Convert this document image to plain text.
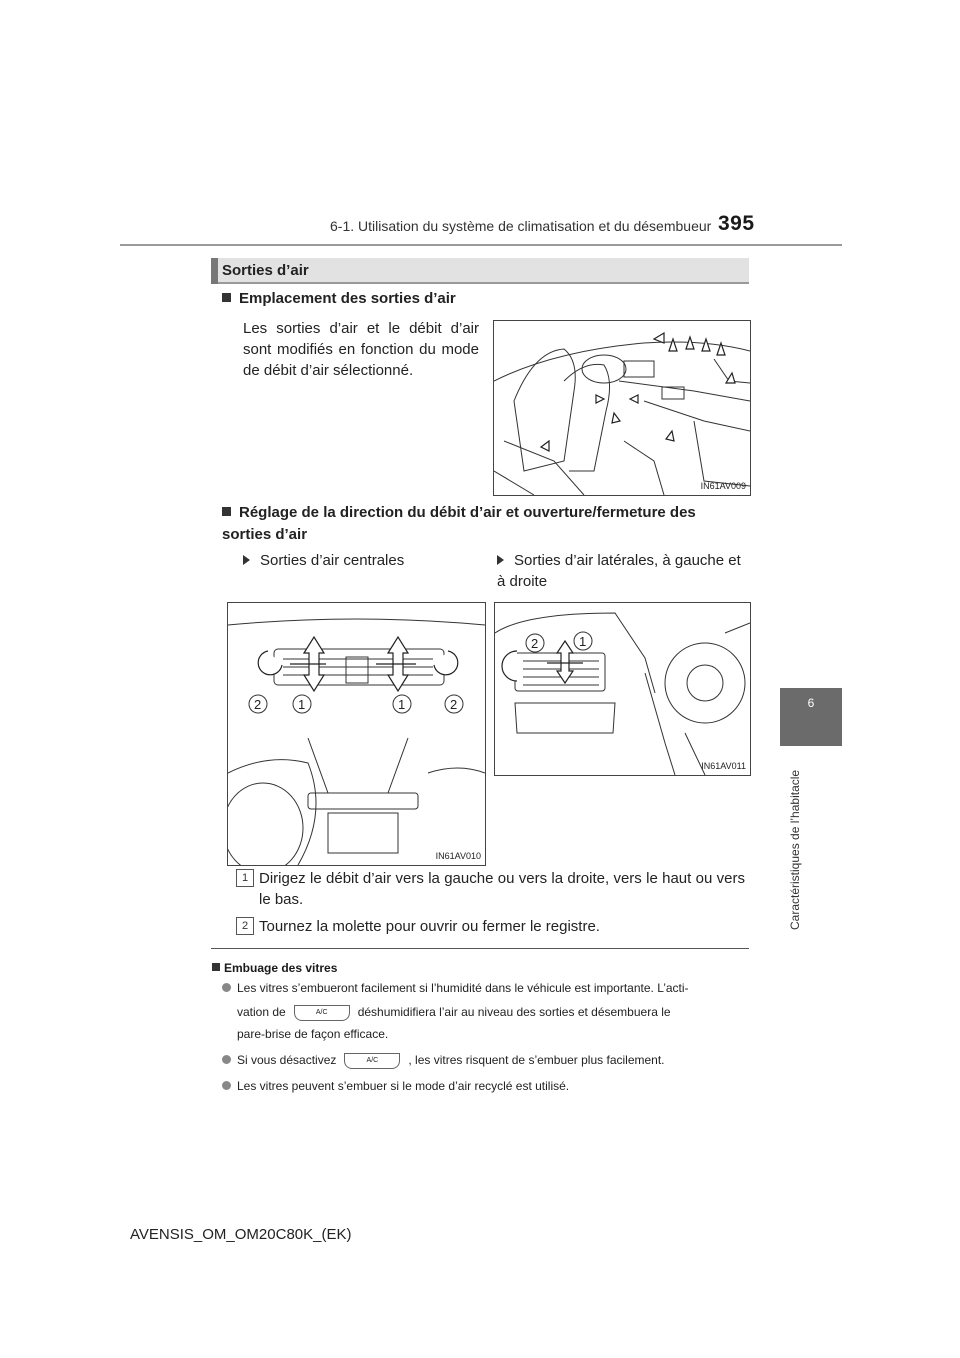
6-1. Utilisation du système de climatisation et du désembueur 395
6
Caractéristiques de l’habitacle
Sorties d’air
Emplacement des sorties d’air
Les sorties d’air et le débit d’air sont modifiés en fonction du mode de débit d’air sélectionné.
IN61AV009
Réglage de la direction du débit d’air et ouverture/fermeture des sorties d’air
Sorties d’air centrales	Sorties d’air latérales, à gauche et à droite
2	1	1	2
IN61AV010
2	1
IN61AV011
1 Dirigez le débit d’air vers la gauche ou vers la droite, vers le haut ou vers le bas.
2 Tournez la molette pour ouvrir ou fermer le registre.
Embuage des vitres
Les vitres s’embueront facilement si l’humidité dans le véhicule est importante. L’acti-
vation de	A/C	déshumidifiera l’air au niveau des sorties et désembuera le
pare-brise de façon efficace.
Si vous désactivez	A/C	, les vitres risquent de s’embuer plus facilement.
Les vitres peuvent s’embuer si le mode d’air recyclé est utilisé.
AVENSIS_OM_OM20C80K_(EK)
